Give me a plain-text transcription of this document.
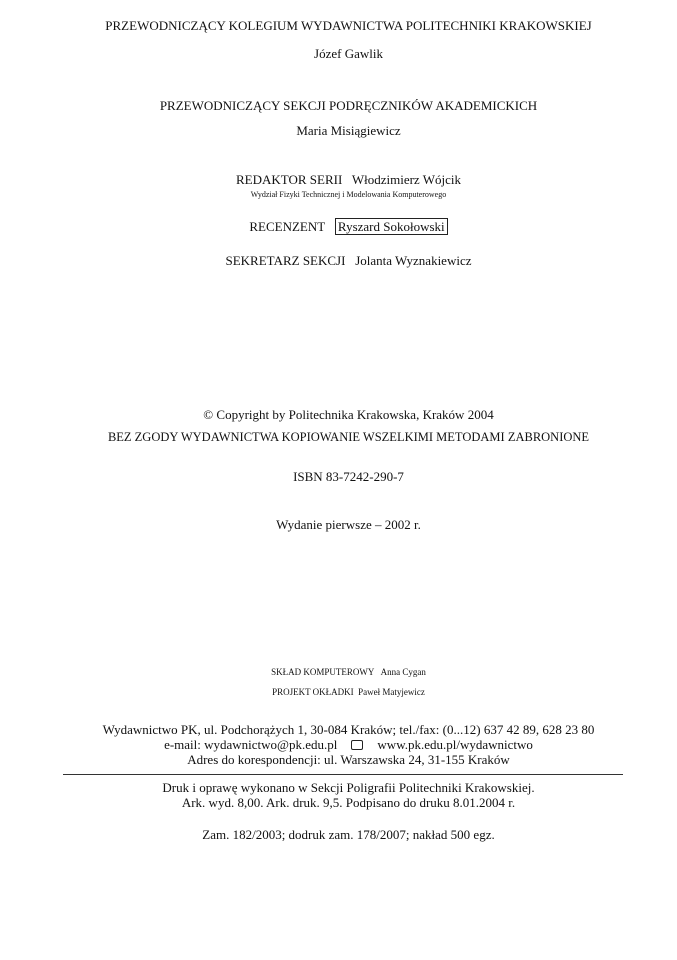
PRZEWODNICZĄCY KOLEGIUM WYDAWNICTWA POLITECHNIKI KRAKOWSKIEJ
Józef Gawlik
PRZEWODNICZĄCY SEKCJI PODRĘCZNIKÓW AKADEMICKICH
Maria Misiągiewicz
REDAKTOR SERII Włodzimierz Wójcik
Wydział Fizyki Technicznej i Modelowania Komputerowego
RECENZENT Ryszard Sokołowski
SEKRETARZ SEKCJI Jolanta Wyznakiewicz
© Copyright by Politechnika Krakowska, Kraków 2004
BEZ ZGODY WYDAWNICTWA KOPIOWANIE WSZELKIMI METODAMI ZABRONIONE
ISBN 83-7242-290-7
Wydanie pierwsze – 2002 r.
SKŁAD KOMPUTEROWY Anna Cygan
PROJEKT OKŁADKI Paweł Matyjewicz
Wydawnictwo PK, ul. Podchorążych 1, 30-084 Kraków; tel./fax: (0...12) 637 42 89, 628 23 80
e-mail: wydawnictwo@pk.edu.pl	www.pk.edu.pl/wydawnictwo
Adres do korespondencji: ul. Warszawska 24, 31-155 Kraków
Druk i oprawę wykonano w Sekcji Poligrafii Politechniki Krakowskiej.
Ark. wyd. 8,00. Ark. druk. 9,5. Podpisano do druku 8.01.2004 r.
Zam. 182/2003; dodruk zam. 178/2007; nakład 500 egz.
